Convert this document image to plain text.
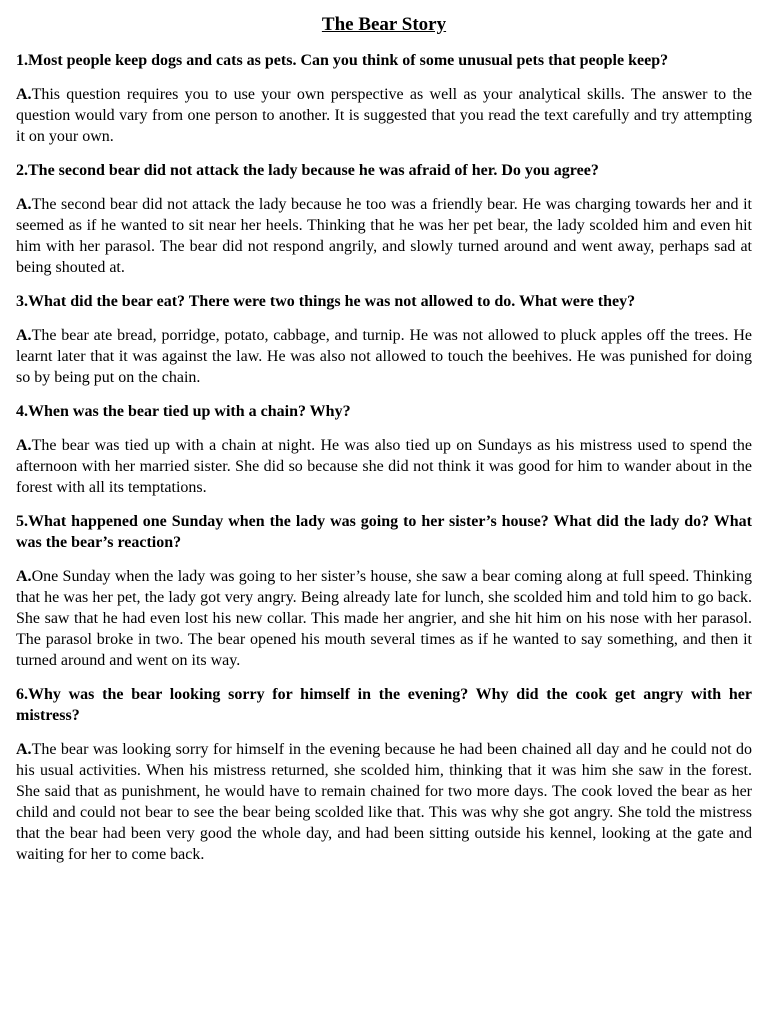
The Bear Story

1.Most people keep dogs and cats as pets. Can you think of some unusual pets that people keep?

A.This question requires you to use your own perspective as well as your analytical skills. The answer to the question would vary from one person to another. It is suggested that you read the text carefully and try attempting it on your own.

2.The second bear did not attack the lady because he was afraid of her. Do you agree?

A.The second bear did not attack the lady because he too was a friendly bear. He was charging towards her and it seemed as if he wanted to sit near her heels. Thinking that he was her pet bear, the lady scolded him and even hit him with her parasol. The bear did not respond angrily, and slowly turned around and went away, perhaps sad at being shouted at.

3.What did the bear eat? There were two things he was not allowed to do. What were they?

A.The bear ate bread, porridge, potato, cabbage, and turnip. He was not allowed to pluck apples off the trees. He learnt later that it was against the law. He was also not allowed to touch the beehives. He was punished for doing so by being put on the chain.

4.When was the bear tied up with a chain? Why?

A.The bear was tied up with a chain at night. He was also tied up on Sundays as his mistress used to spend the afternoon with her married sister. She did so because she did not think it was good for him to wander about in the forest with all its temptations.

5.What happened one Sunday when the lady was going to her sister’s house? What did the lady do? What was the bear’s reaction?

A.One Sunday when the lady was going to her sister’s house, she saw a bear coming along at full speed. Thinking that he was her pet, the lady got very angry. Being already late for lunch, she scolded him and told him to go back. She saw that he had even lost his new collar. This made her angrier, and she hit him on his nose with her parasol. The parasol broke in two. The bear opened his mouth several times as if he wanted to say something, and then it turned around and went on its way.

6.Why was the bear looking sorry for himself in the evening? Why did the cook get angry with her mistress?

A.The bear was looking sorry for himself in the evening because he had been chained all day and he could not do his usual activities. When his mistress returned, she scolded him, thinking that it was him she saw in the forest. She said that as punishment, he would have to remain chained for two more days. The cook loved the bear as her child and could not bear to see the bear being scolded like that. This was why she got angry. She told the mistress that the bear had been very good the whole day, and had been sitting outside his kennel, looking at the gate and waiting for her to come back.
